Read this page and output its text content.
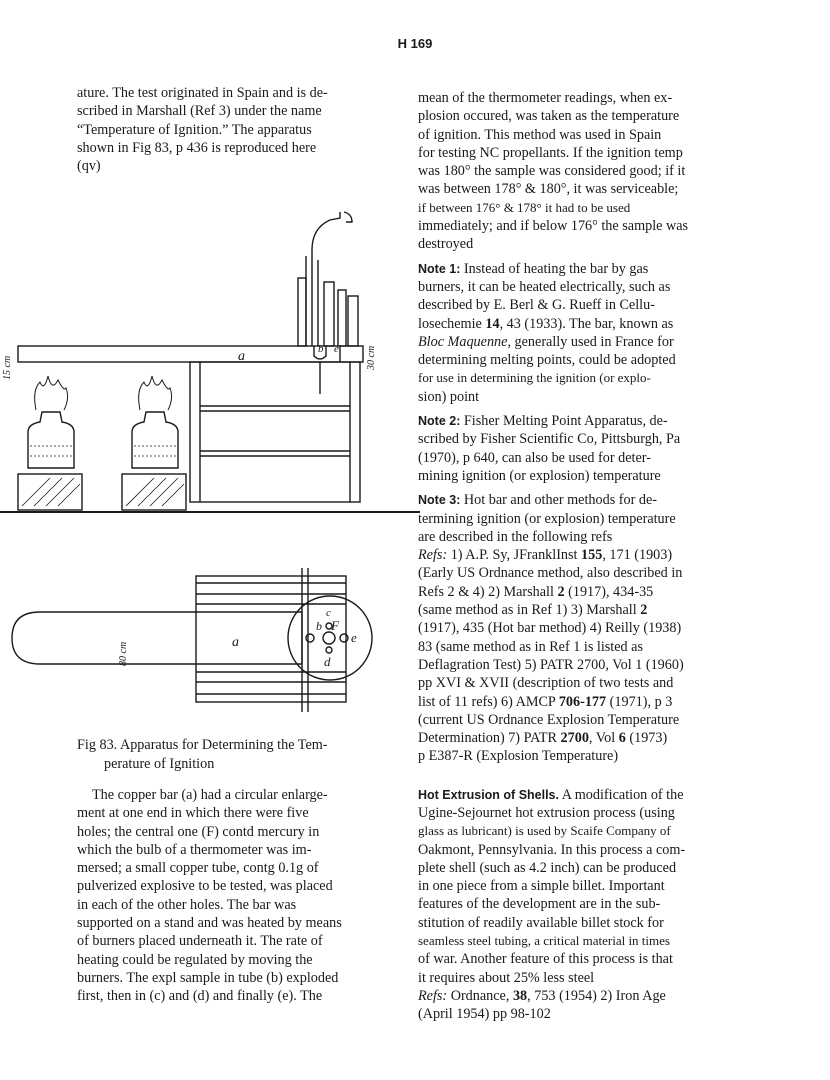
H 169
ature. The test originated in Spain and is de-
scribed in Marshall (Ref 3) under the name
“Temperature of Ignition.” The apparatus
shown in Fig 83, p 436 is reproduced here
(qv)
a	b e
a
b F
c
e
d
15 cm	30 cm
80 cm
Fig 83. Apparatus for Determining the Tem-
perature of Ignition
The copper bar (a) had a circular enlarge-
ment at one end in which there were five
holes; the central one (F) contd mercury in
which the bulb of a thermometer was im-
mersed; a small copper tube, contg 0.1g of
pulverized explosive to be tested, was placed
in each of the other holes. The bar was
supported on a stand and was heated by means
of burners placed underneath it. The rate of
heating could be regulated by moving the
burners. The expl sample in tube (b) exploded
first, then in (c) and (d) and finally (e). The
mean of the thermometer readings, when ex-
plosion occured, was taken as the temperature
of ignition. This method was used in Spain
for testing NC propellants. If the ignition temp
was 180° the sample was considered good; if it
was between 178° & 180°, it was serviceable;
if between 176° & 178° it had to be used
immediately; and if below 176° the sample was
destroyed
Note 1: Instead of heating the bar by gas
burners, it can be heated electrically, such as
described by E. Berl & G. Rueff in Cellu-
losechemie 14, 43 (1933). The bar, known as
Bloc Maquenne, generally used in France for
determining melting points, could be adopted
for use in determining the ignition (or explo-
sion) point
Note 2: Fisher Melting Point Apparatus, de-
scribed by Fisher Scientific Co, Pittsburgh, Pa
(1970), p 640, can also be used for deter-
mining ignition (or explosion) temperature
Note 3: Hot bar and other methods for de-
termining ignition (or explosion) temperature
are described in the following refs
Refs: 1) A.P. Sy, JFranklInst 155, 171 (1903)
(Early US Ordnance method, also described in
Refs 2 & 4) 2) Marshall 2 (1917), 434-35
(same method as in Ref 1) 3) Marshall 2
(1917), 435 (Hot bar method) 4) Reilly (1938)
83 (same method as in Ref 1 is listed as
Deflagration Test) 5) PATR 2700, Vol 1 (1960)
pp XVI & XVII (description of two tests and
list of 11 refs) 6) AMCP 706-177 (1971), p 3
(current US Ordnance Explosion Temperature
Determination) 7) PATR 2700, Vol 6 (1973)
p E387-R (Explosion Temperature)
Hot Extrusion of Shells. A modification of the
Ugine-Sejournet hot extrusion process (using
glass as lubricant) is used by Scaife Company of
Oakmont, Pennsylvania. In this process a com-
plete shell (such as 4.2 inch) can be produced
in one piece from a simple billet. Important
features of the development are in the sub-
stitution of readily available billet stock for
seamless steel tubing, a critical material in times
of war. Another feature of this process is that
it requires about 25% less steel
Refs: Ordnance, 38, 753 (1954) 2) Iron Age
(April 1954) pp 98-102
